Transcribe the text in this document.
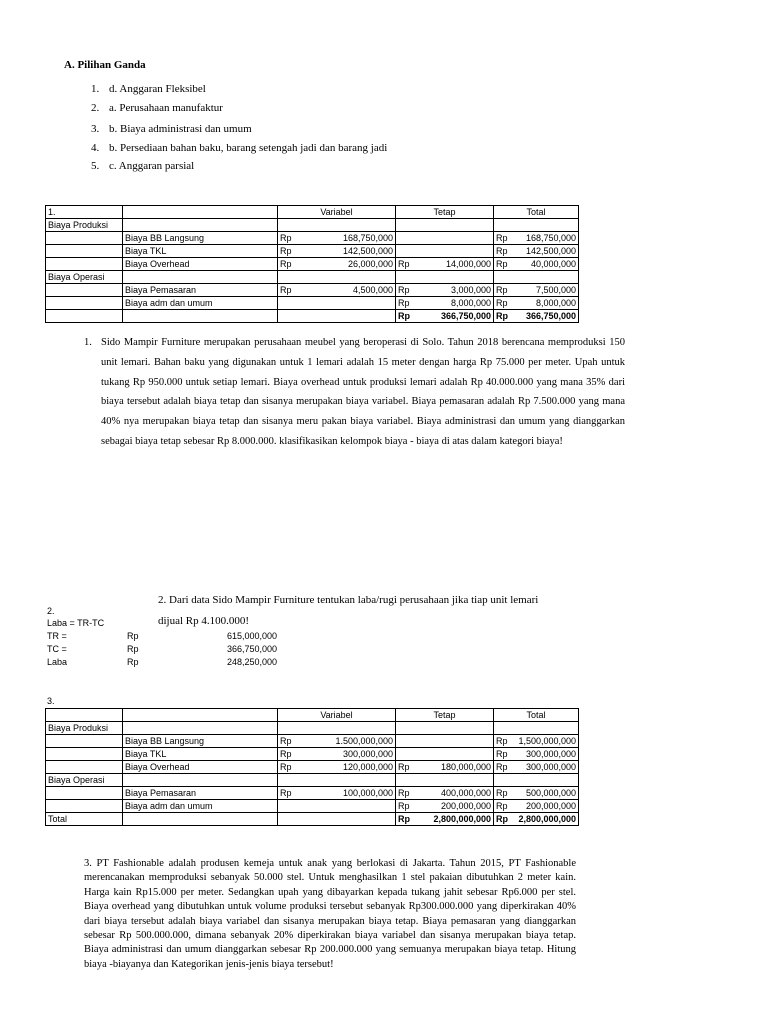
A. Pilihan Ganda
1. d. Anggaran Fleksibel
2. a. Perusahaan manufaktur
3. b. Biaya administrasi dan umum
4. b. Persediaan bahan baku, barang setengah jadi dan barang jadi
5. c. Anggaran parsial
1.		Variabel	Tetap	Total
Biaya Produksi				
	Biaya BB Langsung	Rp 168,750,000		Rp 168,750,000

	Biaya TKL	Rp 142,500,000		Rp 142,500,000

	Biaya Overhead	Rp 26,000,000	Rp 14,000,000	Rp 40,000,000

Biaya Operasi				
	Biaya Pemasaran	Rp 4,500,000	Rp 3,000,000	Rp 7,500,000

	Biaya adm dan umum		Rp 8,000,000	Rp 8,000,000

			Rp 366,750,000	Rp 366,750,000
1. Sido Mampir Furniture merupakan perusahaan meubel yang beroperasi di Solo. Tahun 2018 berencana memproduksi 150 unit lemari. Bahan baku yang digunakan untuk 1 lemari adalah 15 meter dengan harga Rp 75.000 per meter. Upah untuk tukang Rp 950.000 untuk setiap lemari. Biaya overhead untuk produksi lemari adalah Rp 40.000.000 yang mana 35% dari biaya tersebut adalah biaya tetap dan sisanya merupakan biaya variabel. Biaya pemasaran adalah Rp 7.500.000 yang mana 40% nya merupakan biaya tetap dan sisanya meru pakan biaya variabel. Biaya administrasi dan umum yang dianggarkan sebagai biaya tetap sebesar Rp 8.000.000. klasifikasikan kelompok biaya - biaya di atas dalam kategori biaya!
2. Dari data Sido Mampir Furniture tentukan laba/rugi perusahaan jika tiap unit lemari dijual Rp 4.100.000!
2.
Laba = TR-TC
TR =	Rp	615,000,000
TC =	Rp	366,750,000
Laba	Rp	248,250,000
3.
		Variabel	Tetap	Total
Biaya Produksi				
	Biaya BB Langsung	Rp 1.500,000,000		Rp 1,500,000,000

	Biaya TKL	Rp 300,000,000		Rp 300,000,000

	Biaya Overhead	Rp 120,000,000	Rp 180,000,000	Rp 300,000,000

Biaya Operasi				
	Biaya Pemasaran	Rp 100,000,000	Rp 400,000,000	Rp 500,000,000

	Biaya adm dan umum		Rp 200,000,000	Rp 200,000,000

Total			Rp 2,800,000,000	Rp 2,800,000,000
3. PT Fashionable adalah produsen kemeja untuk anak yang berlokasi di Jakarta. Tahun 2015, PT Fashionable merencanakan memproduksi sebanyak 50.000 stel. Untuk menghasilkan 1 stel pakaian dibutuhkan 2 meter kain. Harga kain Rp15.000 per meter. Sedangkan upah yang dibayarkan kepada tukang jahit sebesar Rp6.000 per stel. Biaya overhead yang dibutuhkan untuk volume produksi tersebut sebanyak Rp300.000.000 yang diperkirakan 40% dari biaya tersebut adalah biaya variabel dan sisanya merupakan biaya tetap. Biaya pemasaran yang dianggarkan sebesar Rp 500.000.000, dimana sebanyak 20% diperkirakan biaya variabel dan sisanya merupakan biaya tetap. Biaya administrasi dan umum dianggarkan sebesar Rp 200.000.000 yang semuanya merupakan biaya tetap. Hitung biaya -biayanya dan Kategorikan jenis-jenis biaya tersebut!
